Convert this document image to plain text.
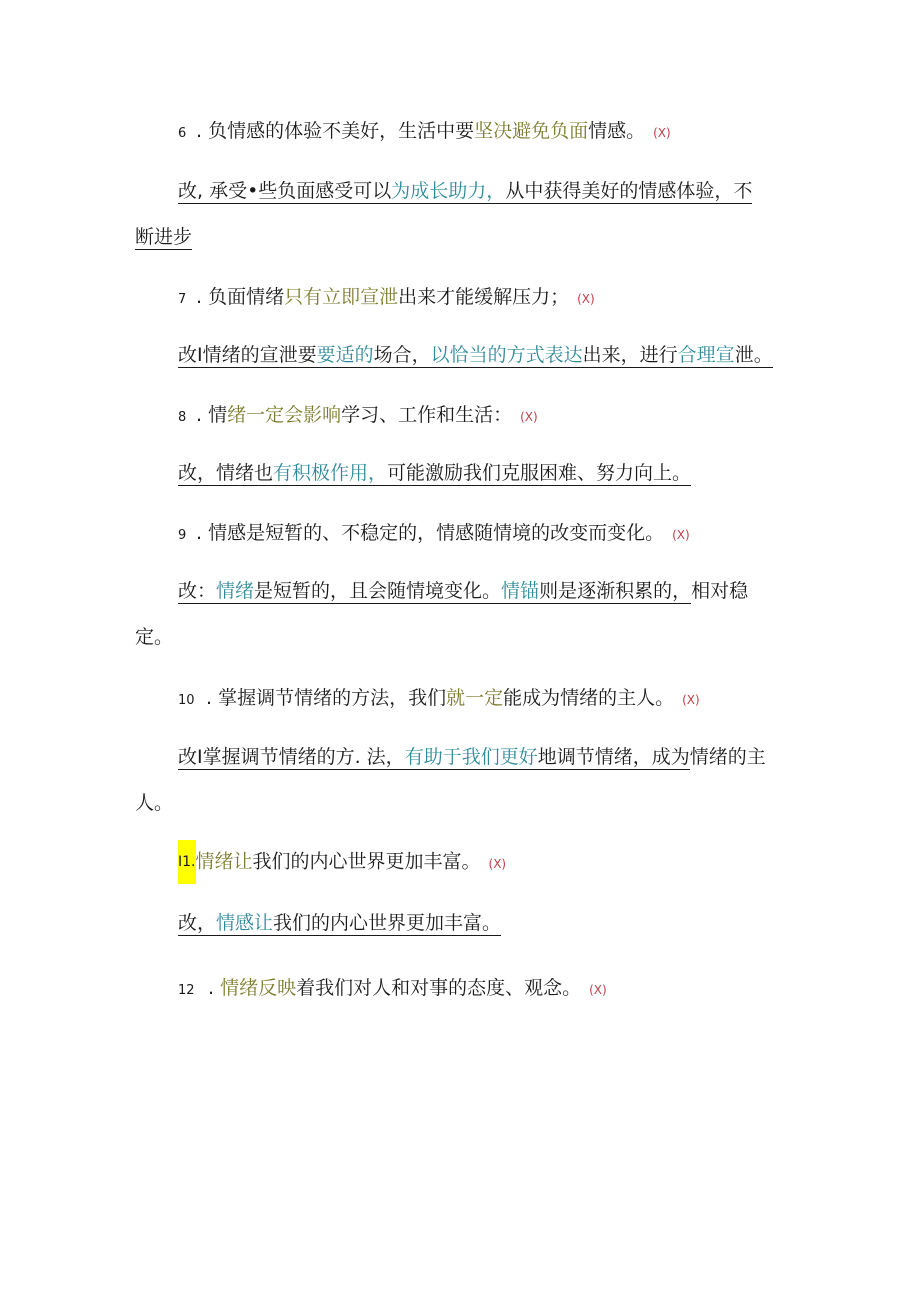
6 . 负情感的体验不美好，生活中要坚决避免负面情感。 (X)
改, 承受•些负面感受可以为成长助力，从中获得美好的情感体验，不
断进步
7 . 负面情绪只有立即宣泄出来才能缓解压力； (X)
改I情绪的宣泄要要适的场合，以恰当的方式表达出来，进行合理宣泄。
8 . 情绪一定会影响学习、工作和生活： (X)
改，情绪也有积极作用，可能激励我们克服困难、努力向上。
9 . 情感是短暂的、不稳定的，情感随情境的改变而变化。 (X)
改：情绪是短暂的，且会随情境变化。情锚则是逐渐积累的，相对稳
定。
10 . 掌握调节情绪的方法，我们就一定能成为情绪的主人。 (X)
改I掌握调节情绪的方. 法，有助于我们更好地调节情绪，成为情绪的主
人。
I1.情绪让我们的内心世界更加丰富。 (X)
改，情感让我们的内心世界更加丰富。
12 . 情绪反映着我们对人和对事的态度、观念。 (X)
